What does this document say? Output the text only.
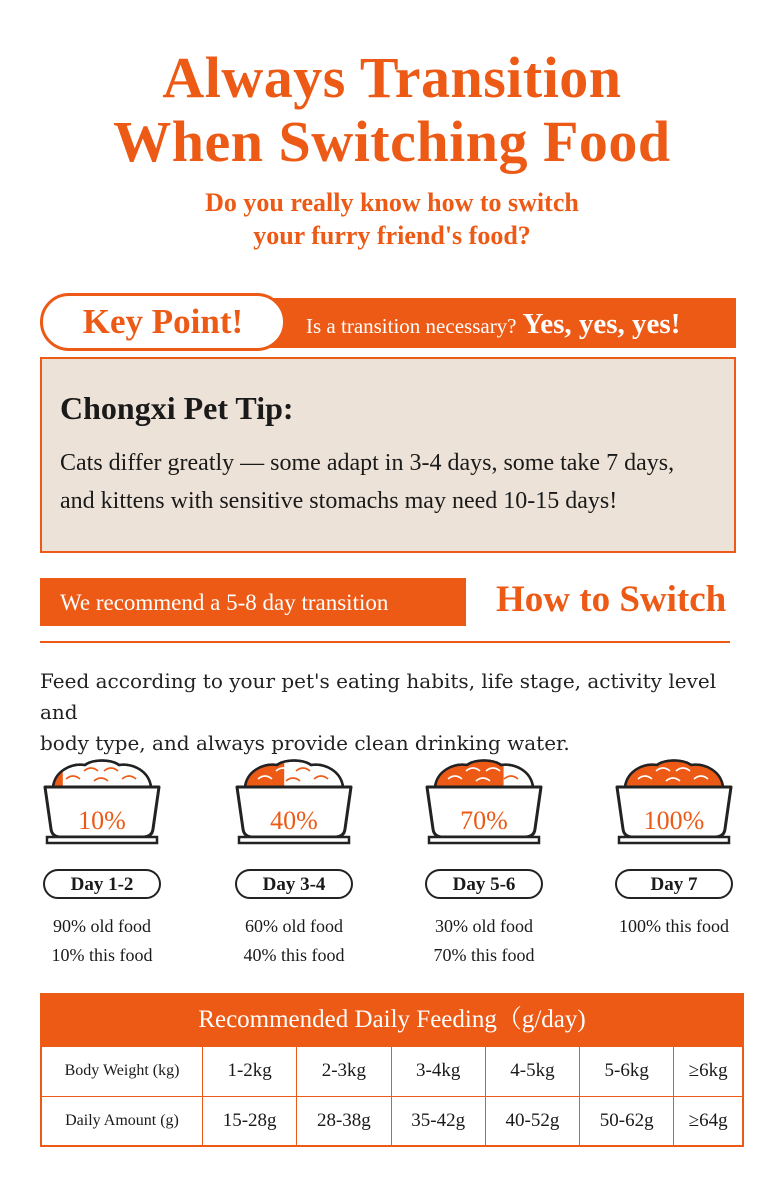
Always Transition
When Switching Food
Do you really know how to switch
your furry friend's food?
Key Point!	Is a transition necessary? Yes, yes, yes!
Chongxi Pet Tip:
Cats differ greatly — some adapt in 3-4 days, some take 7 days,
and kittens with sensitive stomachs may need 10-15 days!
We recommend a 5-8 day transition	How to Switch
Feed according to your pet's eating habits, life stage, activity level and
body type, and always provide clean drinking water.
10%
Day 1-2
90% old food
10% this food
40%
Day 3-4
60% old food
40% this food
70%
Day 5-6
30% old food
70% this food
100%
Day 7
100% this food
Recommended Daily Feeding（g/day)
Body Weight (kg)	1-2kg	2-3kg	3-4kg	4-5kg	5-6kg	≥6kg
Daily Amount (g)	15-28g	28-38g	35-42g	40-52g	50-62g	≥64g
